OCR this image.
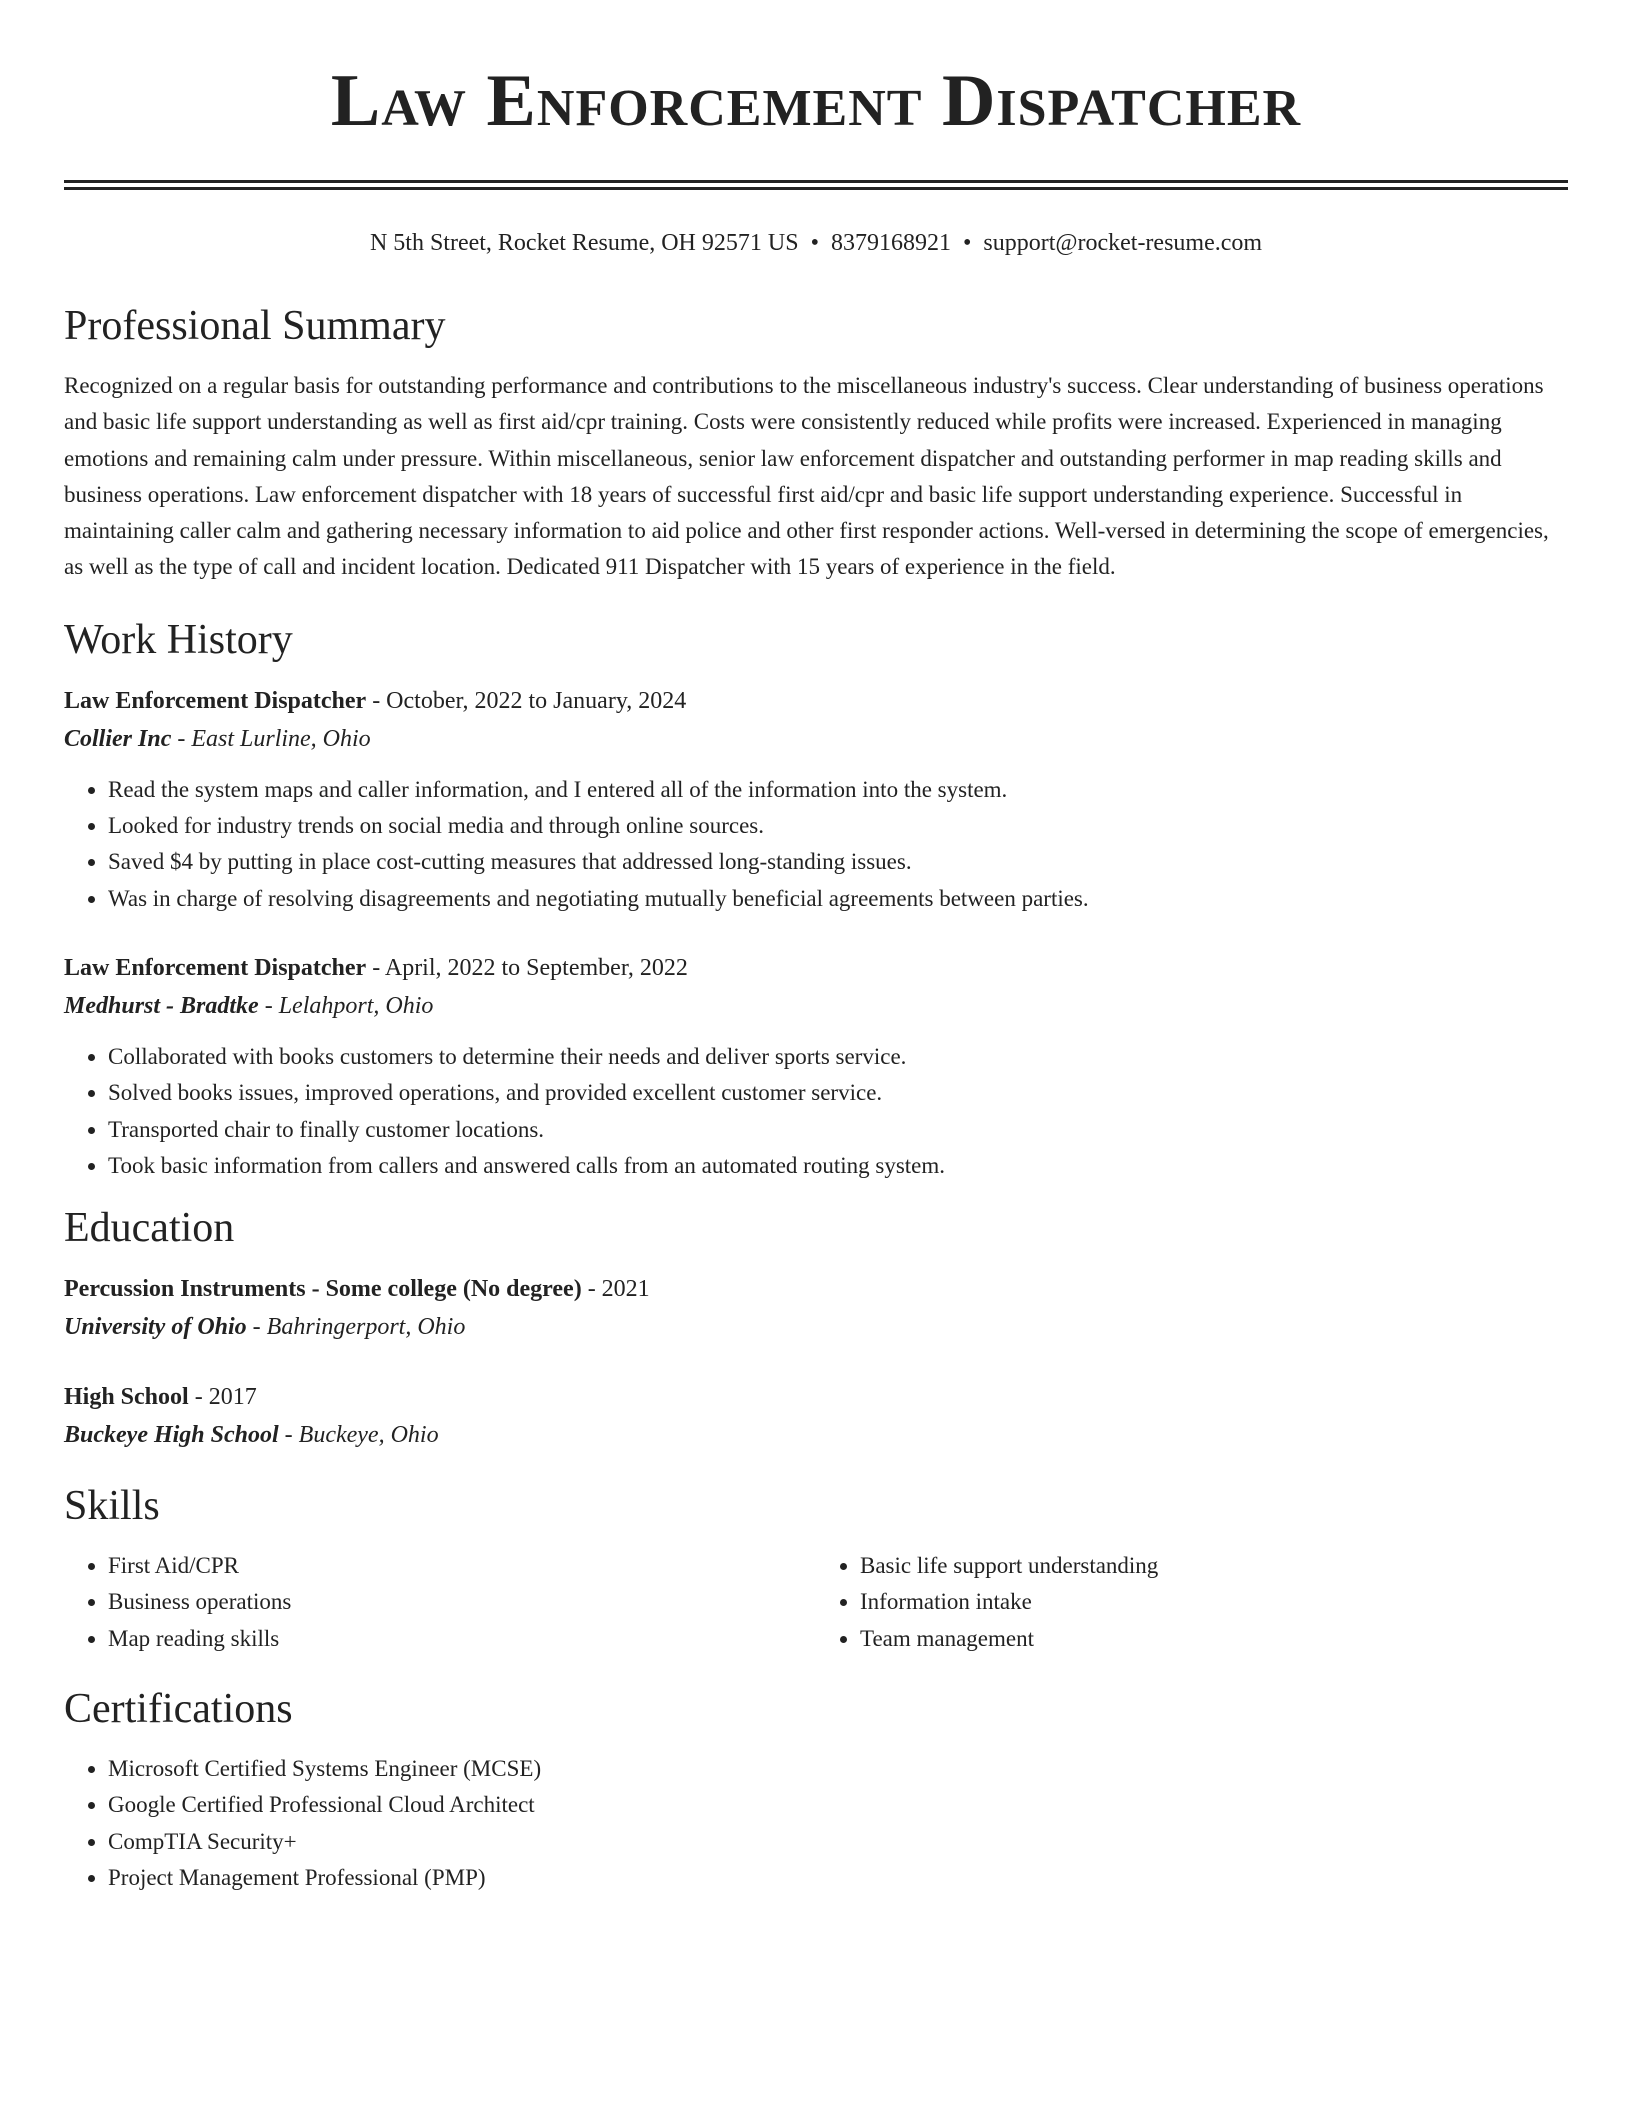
Law Enforcement Dispatcher
N 5th Street, Rocket Resume, OH 92571 US • 8379168921 • support@rocket-resume.com
Professional Summary
Recognized on a regular basis for outstanding performance and contributions to the miscellaneous industry's success. Clear understanding of business operations and basic life support understanding as well as first aid/cpr training. Costs were consistently reduced while profits were increased. Experienced in managing emotions and remaining calm under pressure. Within miscellaneous, senior law enforcement dispatcher and outstanding performer in map reading skills and business operations. Law enforcement dispatcher with 18 years of successful first aid/cpr and basic life support understanding experience. Successful in maintaining caller calm and gathering necessary information to aid police and other first responder actions. Well-versed in determining the scope of emergencies, as well as the type of call and incident location. Dedicated 911 Dispatcher with 15 years of experience in the field.
Work History
Law Enforcement Dispatcher - October, 2022 to January, 2024
Collier Inc - East Lurline, Ohio
• Read the system maps and caller information, and I entered all of the information into the system.
• Looked for industry trends on social media and through online sources.
• Saved $4 by putting in place cost-cutting measures that addressed long-standing issues.
• Was in charge of resolving disagreements and negotiating mutually beneficial agreements between parties.
Law Enforcement Dispatcher - April, 2022 to September, 2022
Medhurst - Bradtke - Lelahport, Ohio
• Collaborated with books customers to determine their needs and deliver sports service.
• Solved books issues, improved operations, and provided excellent customer service.
• Transported chair to finally customer locations.
• Took basic information from callers and answered calls from an automated routing system.
Education
Percussion Instruments - Some college (No degree) - 2021
University of Ohio - Bahringerport, Ohio
High School - 2017
Buckeye High School - Buckeye, Ohio
Skills
• First Aid/CPR
• Business operations
• Map reading skills
• Basic life support understanding
• Information intake
• Team management
Certifications
• Microsoft Certified Systems Engineer (MCSE)
• Google Certified Professional Cloud Architect
• CompTIA Security+
• Project Management Professional (PMP)
